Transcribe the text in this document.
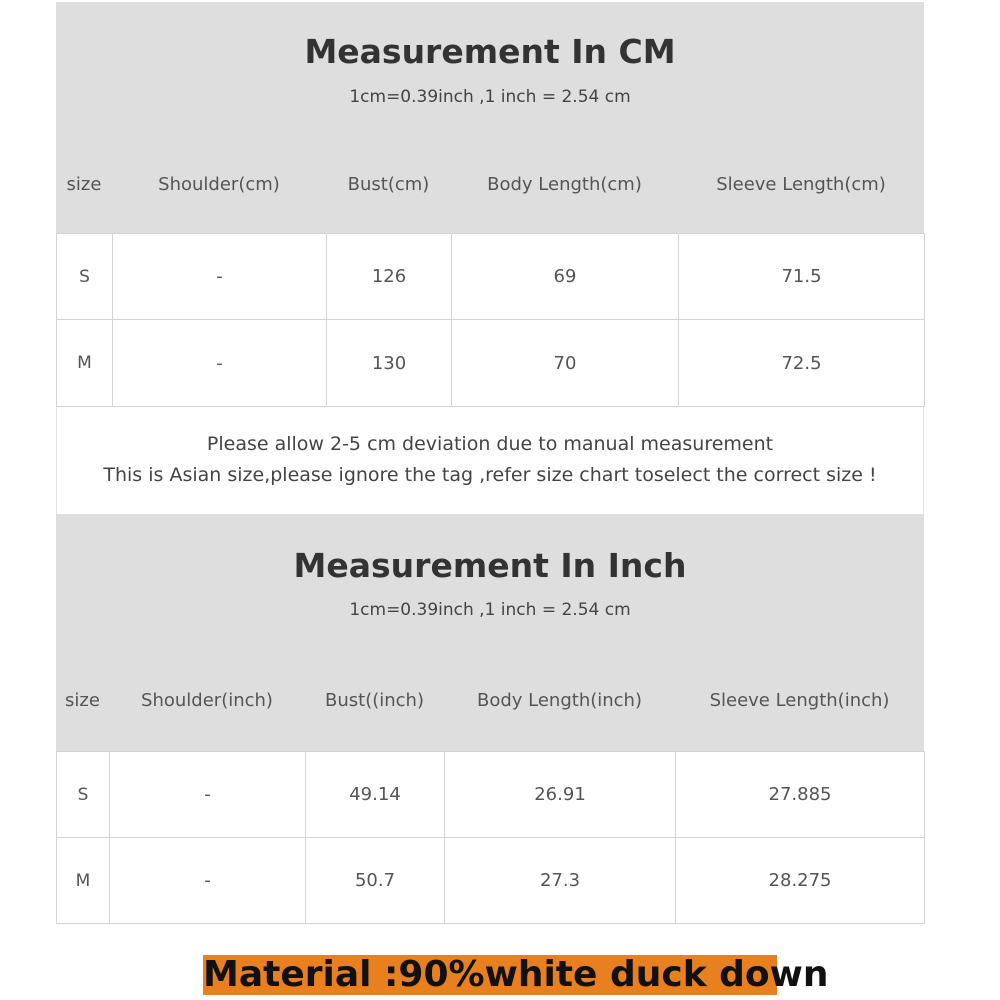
Measurement In CM
1cm=0.39inch ,1 inch = 2.54 cm
size	Shoulder(cm)	Bust(cm)	Body Length(cm)	Sleeve Length(cm)
S	-	126	69	71.5
M	-	130	70	72.5
Please allow 2-5 cm deviation due to manual measurement
This is Asian size,please ignore the tag ,refer size chart toselect the correct size !
Measurement In Inch
1cm=0.39inch ,1 inch = 2.54 cm
size	Shoulder(inch)	Bust((inch)	Body Length(inch)	Sleeve Length(inch)
S	-	49.14	26.91	27.885
M	-	50.7	27.3	28.275
Material :90%white duck down
